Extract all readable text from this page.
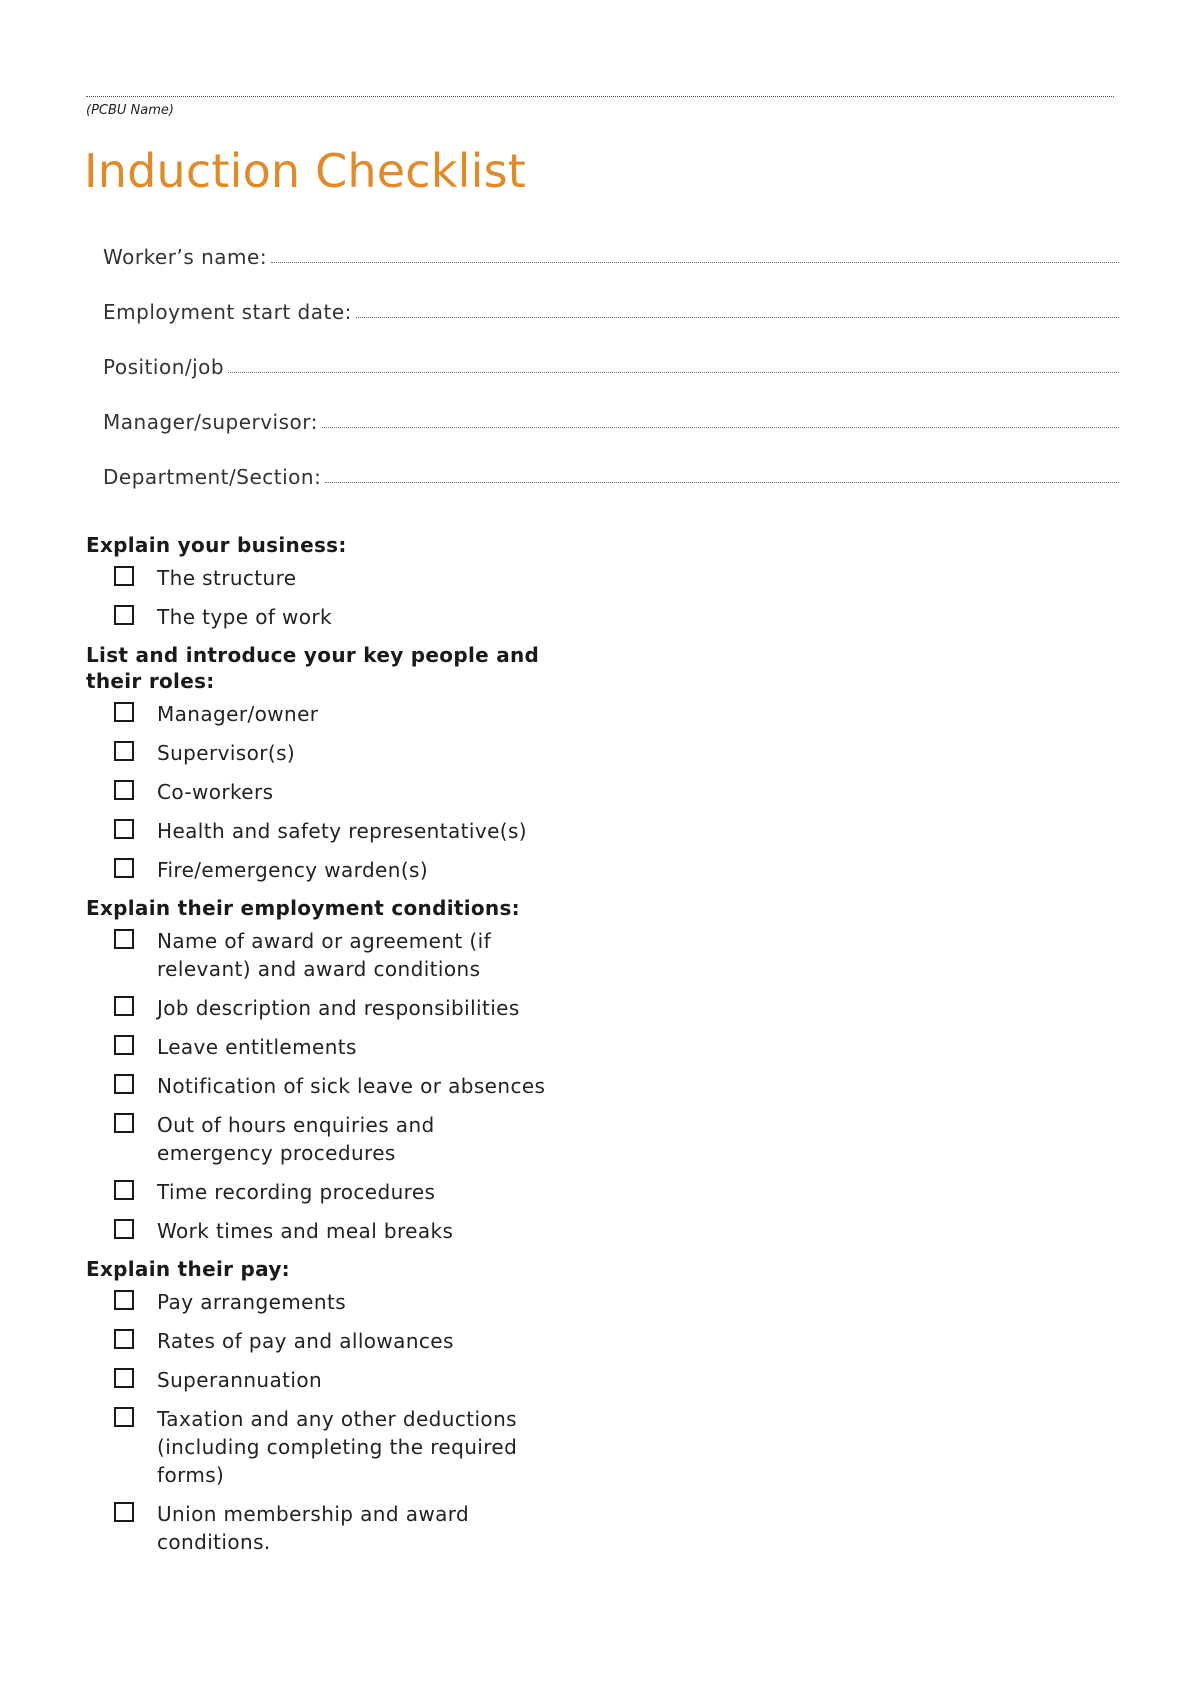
(PCBU Name)
Induction Checklist
Worker’s name:
Employment start date:
Position/job
Manager/supervisor:
Department/Section:
Explain your business:
The structure
The type of work
List and introduce your key people and their roles:
Manager/owner
Supervisor(s)
Co-workers
Health and safety representative(s)
Fire/emergency warden(s)
Explain their employment conditions:
Name of award or agreement (if relevant) and award conditions
Job description and responsibilities
Leave entitlements
Notification of sick leave or absences
Out of hours enquiries and emergency procedures
Time recording procedures
Work times and meal breaks
Explain their pay:
Pay arrangements
Rates of pay and allowances
Superannuation
Taxation and any other deductions (including completing the required forms)
Union membership and award conditions.
